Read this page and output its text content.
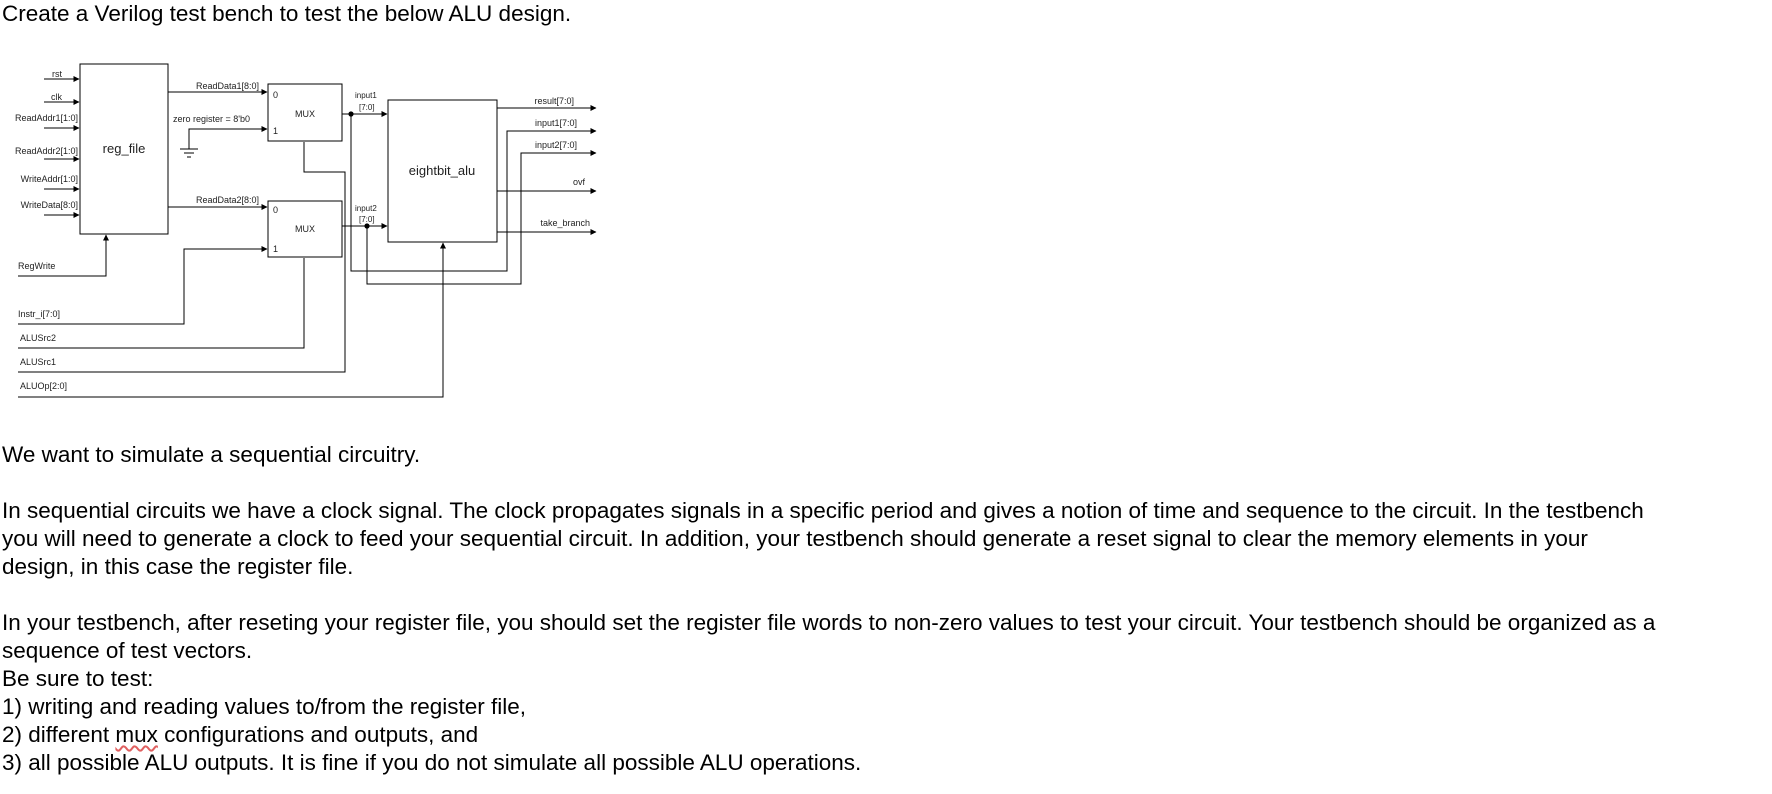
Create a Verilog test bench to test the below ALU design.
reg_file
eightbit_alu
MUX
MUX
0
1
0
1
rst
clk
ReadAddr1[1:0]
ReadAddr2[1:0]
WriteAddr[1:0]
WriteData[8:0]
RegWrite
ReadData1[8:0]
ReadData2[8:0]
zero register = 8'b0
input1
[7:0]
input2
[7:0]
result[7:0]
input1[7:0]
input2[7:0]
ovf
take_branch
Instr_i[7:0]
ALUSrc2
ALUSrc1
ALUOp[2:0]
We want to simulate a sequential circuitry.
In sequential circuits we have a clock signal. The clock propagates signals in a specific period and gives a notion of time and sequence to the circuit. In the testbench
you will need to generate a clock to feed your sequential circuit. In addition, your testbench should generate a reset signal to clear the memory elements in your
design, in this case the register file.
In your testbench, after reseting your register file, you should set the register file words to non-zero values to test your circuit. Your testbench should be organized as a
sequence of test vectors.
Be sure to test:
1) writing and reading values to/from the register file,
2) different mux configurations and outputs, and
3) all possible ALU outputs. It is fine if you do not simulate all possible ALU operations.
